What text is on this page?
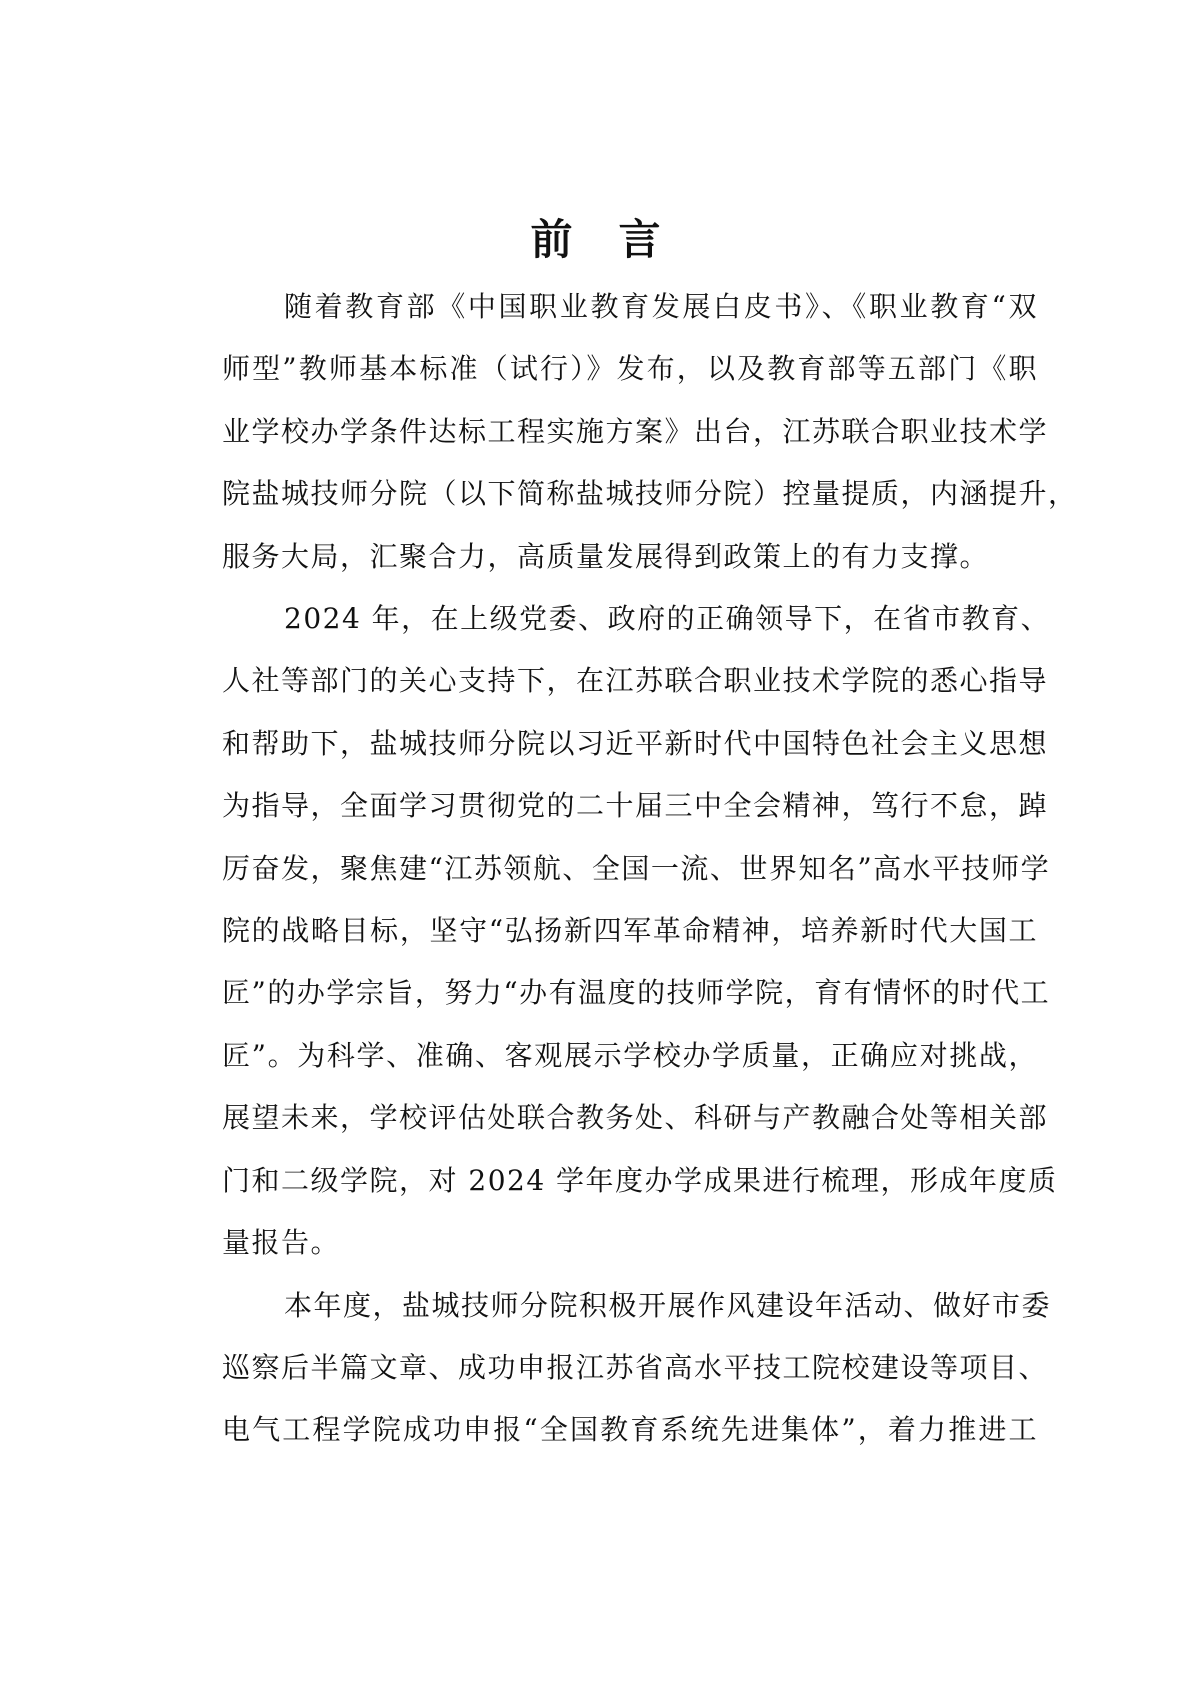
前言
随着教育部《中国职业教育发展白皮书》、《职业教育“双
师型”教师基本标准（试行）》发布，以及教育部等五部门《职
业学校办学条件达标工程实施方案》出台，江苏联合职业技术学
院盐城技师分院（以下简称盐城技师分院）控量提质，内涵提升，
服务大局，汇聚合力，高质量发展得到政策上的有力支撑。
2024 年，在上级党委、政府的正确领导下，在省市教育、
人社等部门的关心支持下，在江苏联合职业技术学院的悉心指导
和帮助下，盐城技师分院以习近平新时代中国特色社会主义思想
为指导，全面学习贯彻党的二十届三中全会精神，笃行不怠，踔
厉奋发，聚焦建“江苏领航、全国一流、世界知名”高水平技师学
院的战略目标，坚守“弘扬新四军革命精神，培养新时代大国工
匠”的办学宗旨，努力“办有温度的技师学院，育有情怀的时代工
匠”。为科学、准确、客观展示学校办学质量，正确应对挑战，
展望未来，学校评估处联合教务处、科研与产教融合处等相关部
门和二级学院，对 2024 学年度办学成果进行梳理，形成年度质
量报告。
本年度，盐城技师分院积极开展作风建设年活动、做好市委
巡察后半篇文章、成功申报江苏省高水平技工院校建设等项目、
电气工程学院成功申报“全国教育系统先进集体”，着力推进工
